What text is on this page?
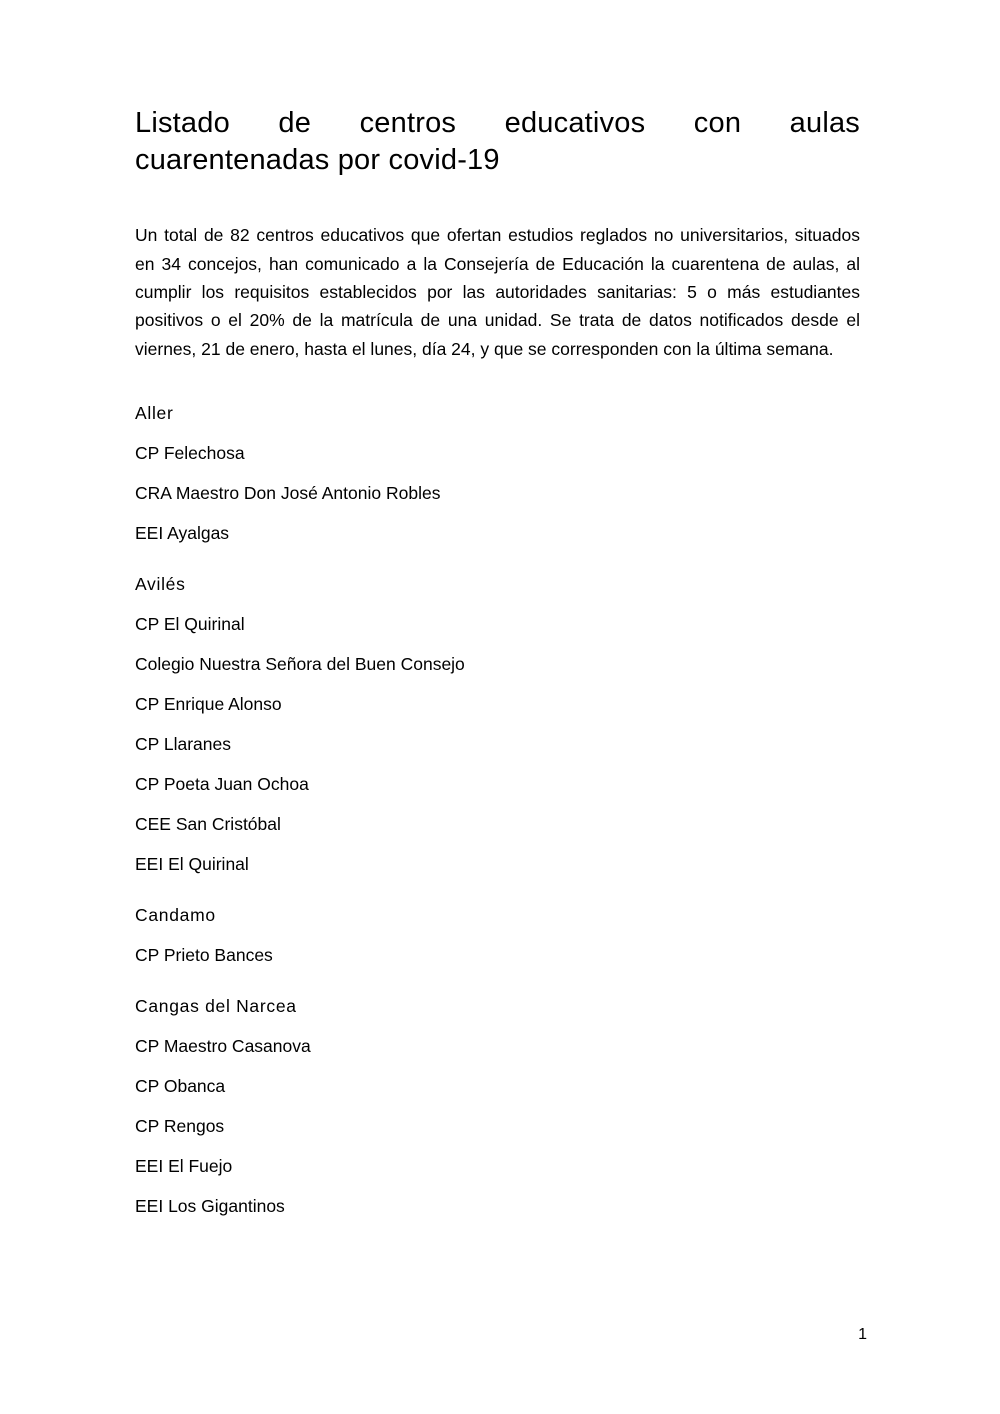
Listado de centros educativos con aulas
cuarentenadas por covid-19

Un total de 82 centros educativos que ofertan estudios reglados no universitarios, situados en 34 concejos, han comunicado a la Consejería de Educación la cuarentena de aulas, al cumplir los requisitos establecidos por las autoridades sanitarias: 5 o más estudiantes positivos o el 20% de la matrícula de una unidad. Se trata de datos notificados desde el viernes, 21 de enero, hasta el lunes, día 24, y que se corresponden con la última semana.

Aller
CP Felechosa
CRA Maestro Don José Antonio Robles
EEI Ayalgas
Avilés
CP El Quirinal
Colegio Nuestra Señora del Buen Consejo
CP Enrique Alonso
CP Llaranes
CP Poeta Juan Ochoa
CEE San Cristóbal
EEI El Quirinal
Candamo
CP Prieto Bances
Cangas del Narcea
CP Maestro Casanova
CP Obanca
CP Rengos
EEI El Fuejo
EEI Los Gigantinos
1
